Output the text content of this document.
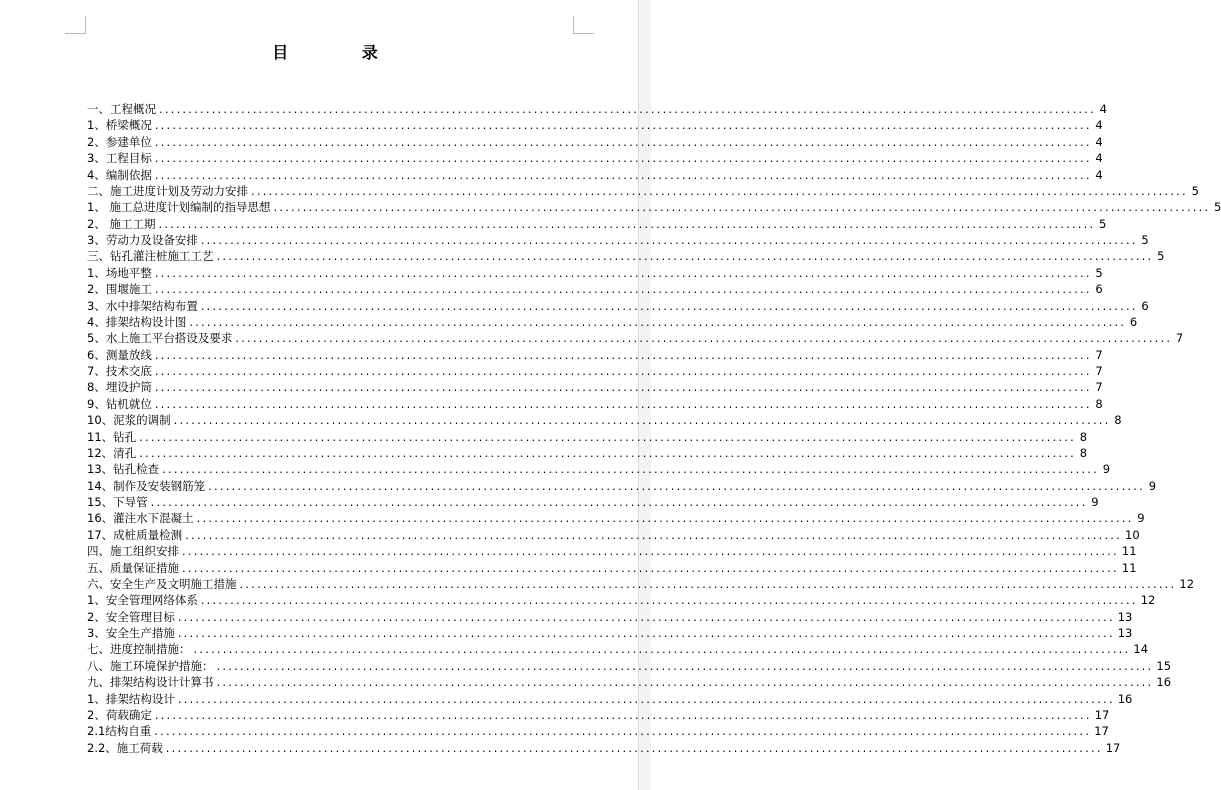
目 录
一、工程概况 ................................................................................................................................................................ 4
1、桥梁概况 ................................................................................................................................................................ 4
2、参建单位 ................................................................................................................................................................ 4
3、工程目标 ................................................................................................................................................................ 4
4、编制依据 ................................................................................................................................................................ 4
二、施工进度计划及劳动力安排 ................................................................................................................................................................ 5
1、 施工总进度计划编制的指导思想 ................................................................................................................................................................ 5
2、 施工工期 ................................................................................................................................................................ 5
3、劳动力及设备安排 ................................................................................................................................................................ 5
三、钻孔灌注桩施工工艺 ................................................................................................................................................................ 5
1、场地平整 ................................................................................................................................................................ 5
2、围堰施工 ................................................................................................................................................................ 6
3、水中排架结构布置 ................................................................................................................................................................ 6
4、排架结构设计图 ................................................................................................................................................................ 6
5、水上施工平台搭设及要求 ................................................................................................................................................................ 7
6、测量放线 ................................................................................................................................................................ 7
7、技术交底 ................................................................................................................................................................ 7
8、埋设护筒 ................................................................................................................................................................ 7
9、钻机就位 ................................................................................................................................................................ 8
10、泥浆的调制 ................................................................................................................................................................ 8
11、钻孔 ................................................................................................................................................................ 8
12、清孔 ................................................................................................................................................................ 8
13、钻孔检查 ................................................................................................................................................................ 9
14、制作及安装钢筋笼 ................................................................................................................................................................ 9
15、下导管 ................................................................................................................................................................ 9
16、灌注水下混凝土 ................................................................................................................................................................ 9
17、成桩质量检测 ................................................................................................................................................................ 10
四、施工组织安排 ................................................................................................................................................................ 11
五、质量保证措施 ................................................................................................................................................................ 11
六、安全生产及文明施工措施 ................................................................................................................................................................ 12
1、安全管理网络体系 ................................................................................................................................................................ 12
2、安全管理目标 ................................................................................................................................................................ 13
3、安全生产措施 ................................................................................................................................................................ 13
七、进度控制措施： ................................................................................................................................................................ 14
八、施工环境保护措施： ................................................................................................................................................................ 15
九、排架结构设计计算书 ................................................................................................................................................................ 16
1、排架结构设计 ................................................................................................................................................................ 16
2、荷载确定 ................................................................................................................................................................ 17
2.1结构自重 ................................................................................................................................................................ 17
2.2、施工荷载 ................................................................................................................................................................ 17
